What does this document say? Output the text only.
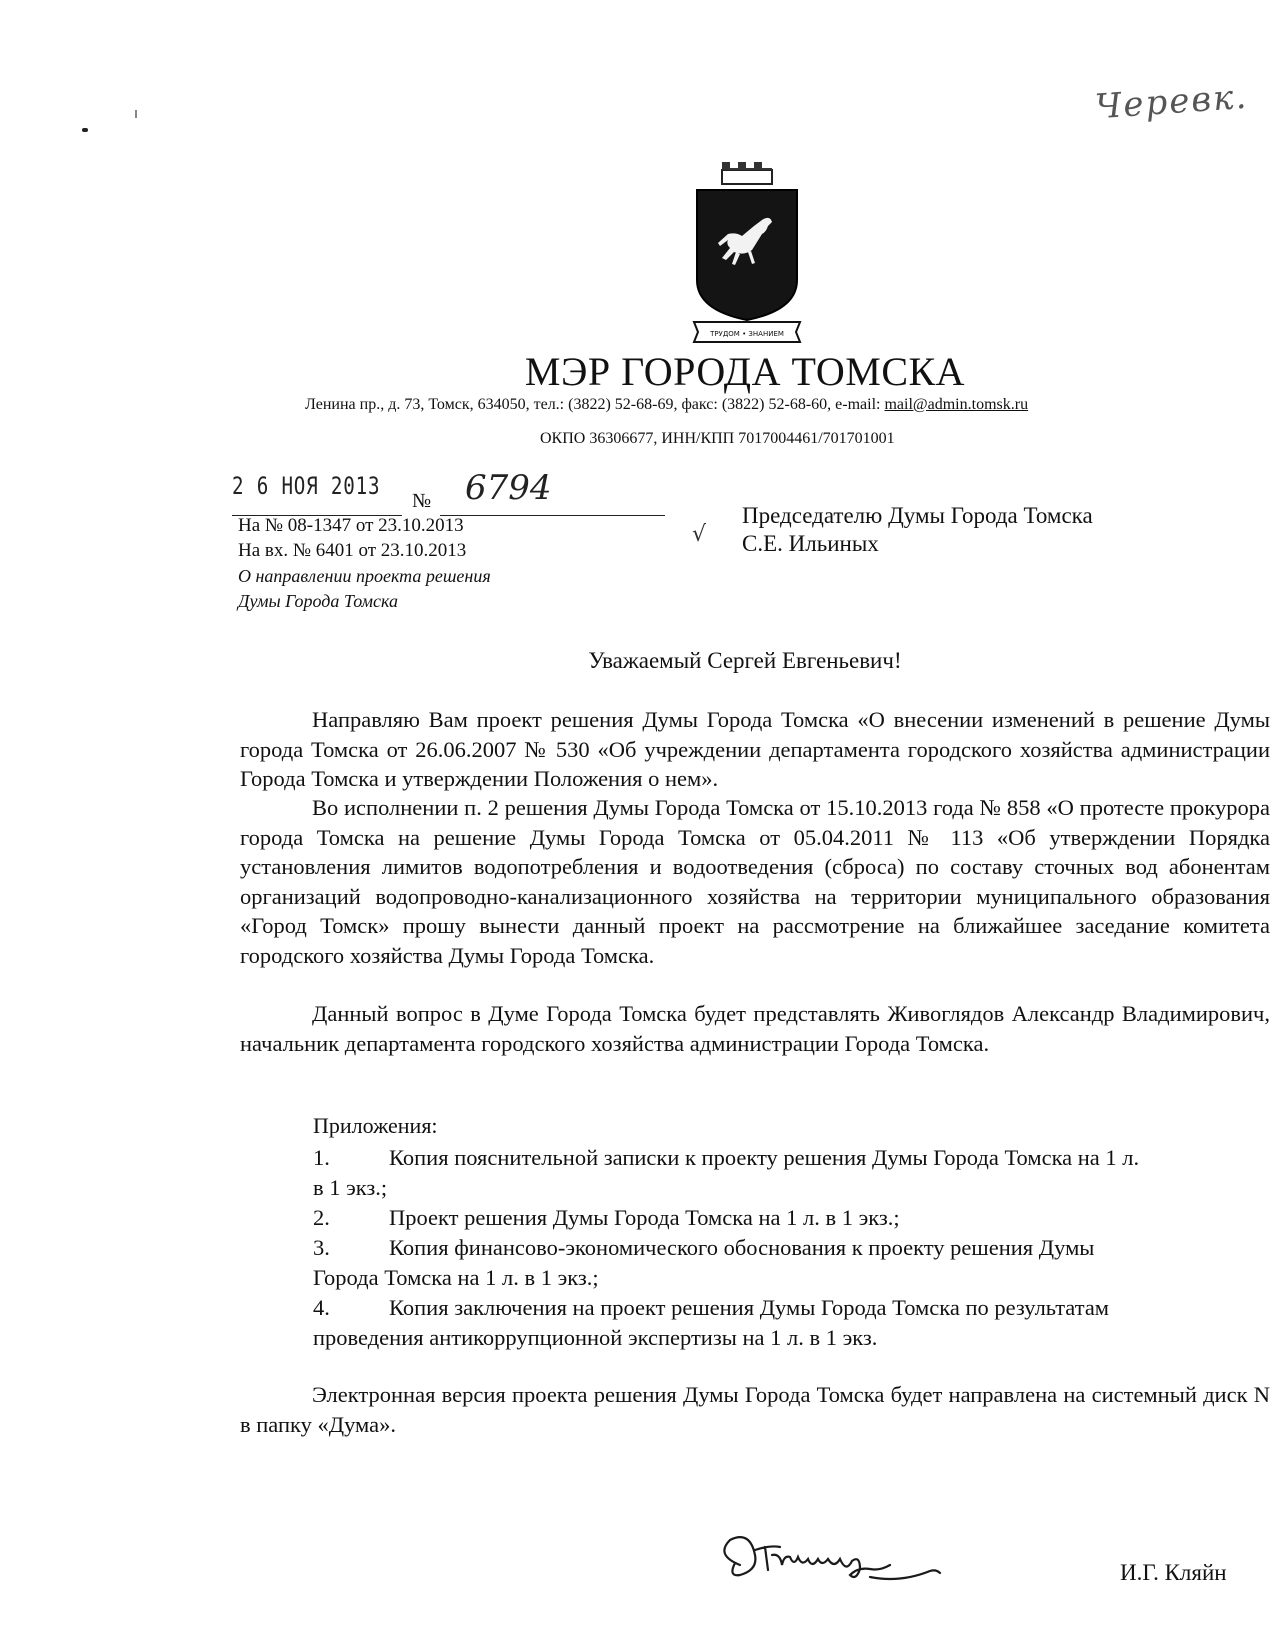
Черевк.
ТРУДОМ • ЗНАНИЕМ
МЭР ГОРОДА ТОМСКА
Ленина пр., д. 73, Томск, 634050, тел.: (3822) 52-68-69, факс: (3822) 52-68-60, e-mail: mail@admin.tomsk.ru
ОКПО 36306677, ИНН/КПП 7017004461/701701001
2 6 НОЯ 2013
№ 6794
На № 08-1347 от 23.10.2013
На вх. № 6401 от 23.10.2013
О направлении проекта решения
Думы Города Томска
√
Председателю Думы Города Томска
С.Е. Ильиных
Уважаемый Сергей Евгеньевич!

Направляю Вам проект решения Думы Города Томска «О внесении изменений в решение Думы города Томска от 26.06.2007 № 530 «Об учреждении департамента городского хозяйства администрации Города Томска и утверждении Положения о нем».

Во исполнении п. 2 решения Думы Города Томска от 15.10.2013 года № 858 «О протесте прокурора города Томска на решение Думы Города Томска от 05.04.2011 № 113 «Об утверждении Порядка установления лимитов водопотребления и водоотведения (сброса) по составу сточных вод абонентам организаций водопроводно-канализационного хозяйства на территории муниципального образования «Город Томск» прошу вынести данный проект на рассмотрение на ближайшее заседание комитета городского хозяйства Думы Города Томска.

Данный вопрос в Думе Города Томска будет представлять Живоглядов Александр Владимирович, начальник департамента городского хозяйства администрации Города Томска.

Приложения:
1.	Копия пояснительной записки к проекту решения Думы Города Томска на 1 л.
в 1 экз.;
2.	Проект решения Думы Города Томска на 1 л. в 1 экз.;
3.	Копия финансово-экономического обоснования к проекту решения Думы
Города Томска на 1 л. в 1 экз.;
4.	Копия заключения на проект решения Думы Города Томска по результатам
проведения антикоррупционной экспертизы на 1 л. в 1 экз.

Электронная версия проекта решения Думы Города Томска будет направлена на системный диск N в папку «Дума».

И.Г. Кляйн
